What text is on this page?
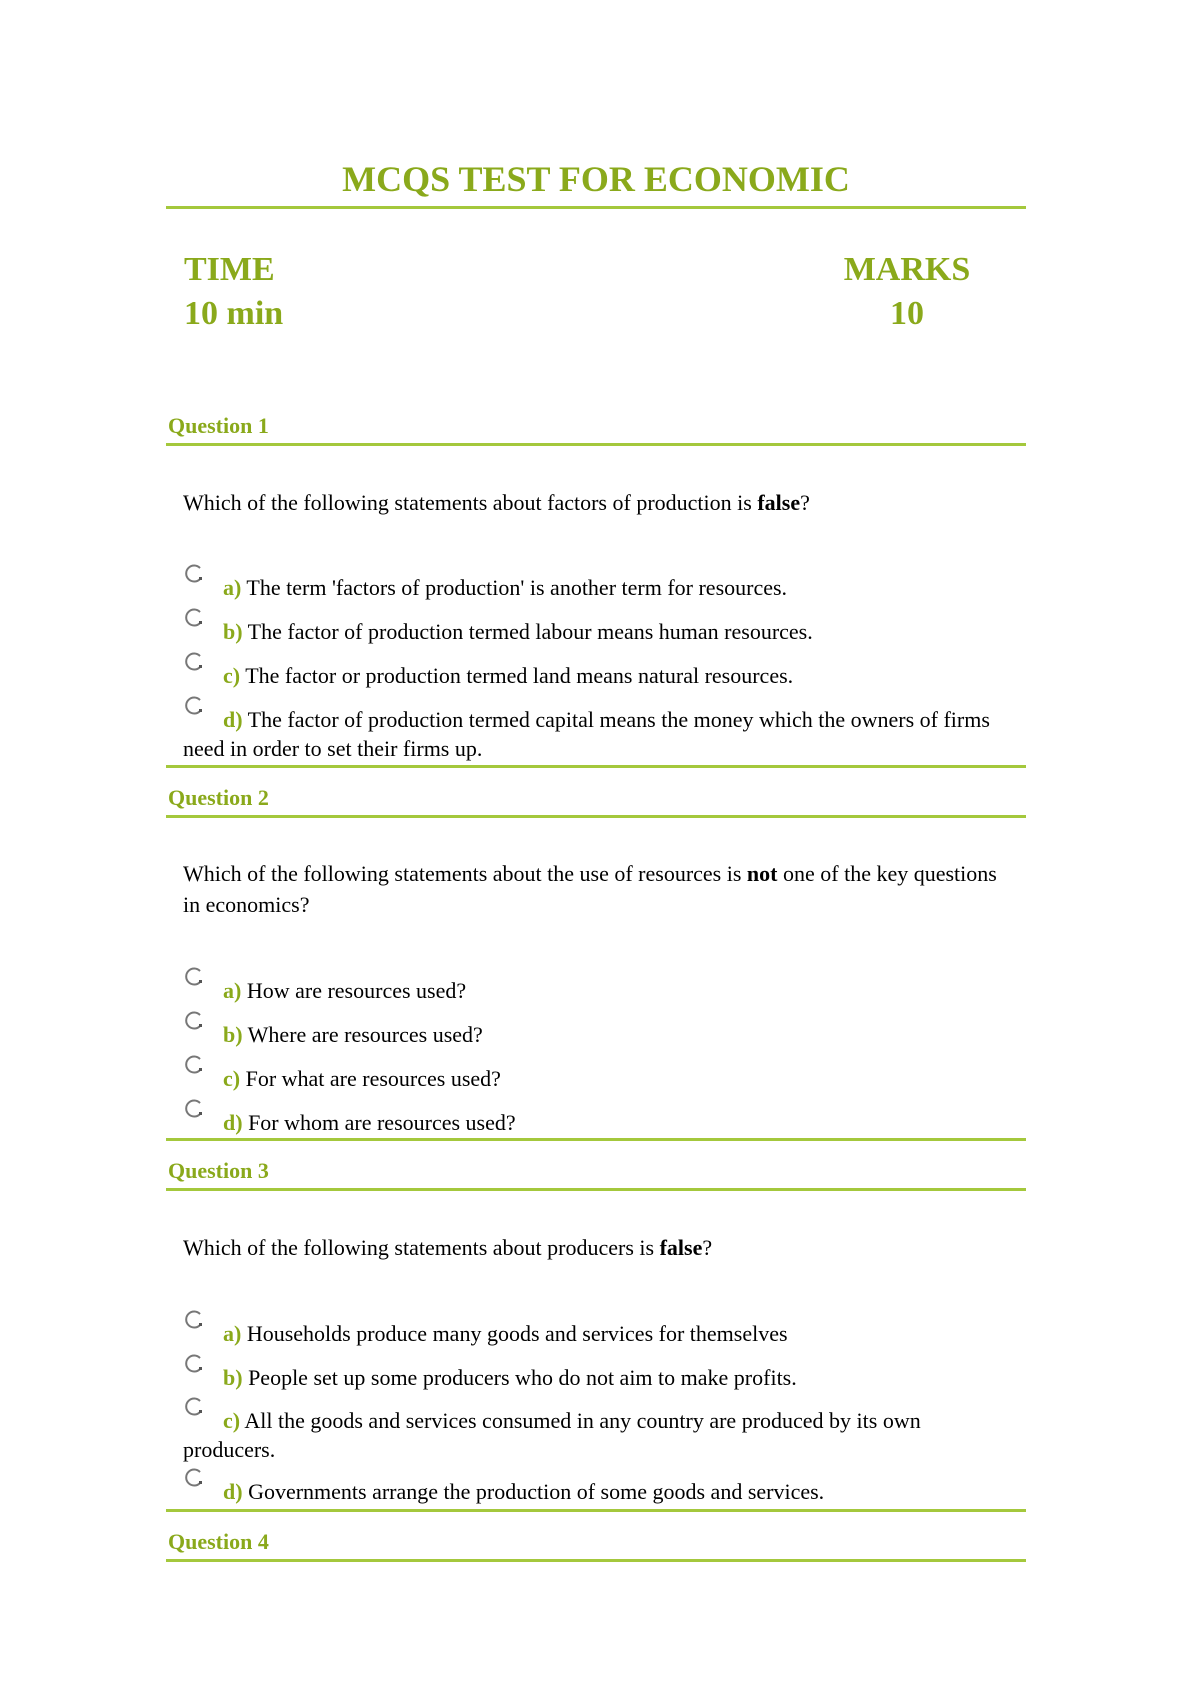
MCQS TEST FOR ECONOMIC
TIME
10 min
MARKS
10
Question 1
Which of the following statements about factors of production is false?
a) The term 'factors of production' is another term for resources.
b) The factor of production termed labour means human resources.
c) The factor or production termed land means natural resources.
d) The factor of production termed capital means the money which the owners of firms need in order to set their firms up.
Question 2
Which of the following statements about the use of resources is not one of the key questions in economics?
a) How are resources used?
b) Where are resources used?
c) For what are resources used?
d) For whom are resources used?
Question 3
Which of the following statements about producers is false?
a) Households produce many goods and services for themselves
b) People set up some producers who do not aim to make profits.
c) All the goods and services consumed in any country are produced by its own producers.
d) Governments arrange the production of some goods and services.
Question 4
